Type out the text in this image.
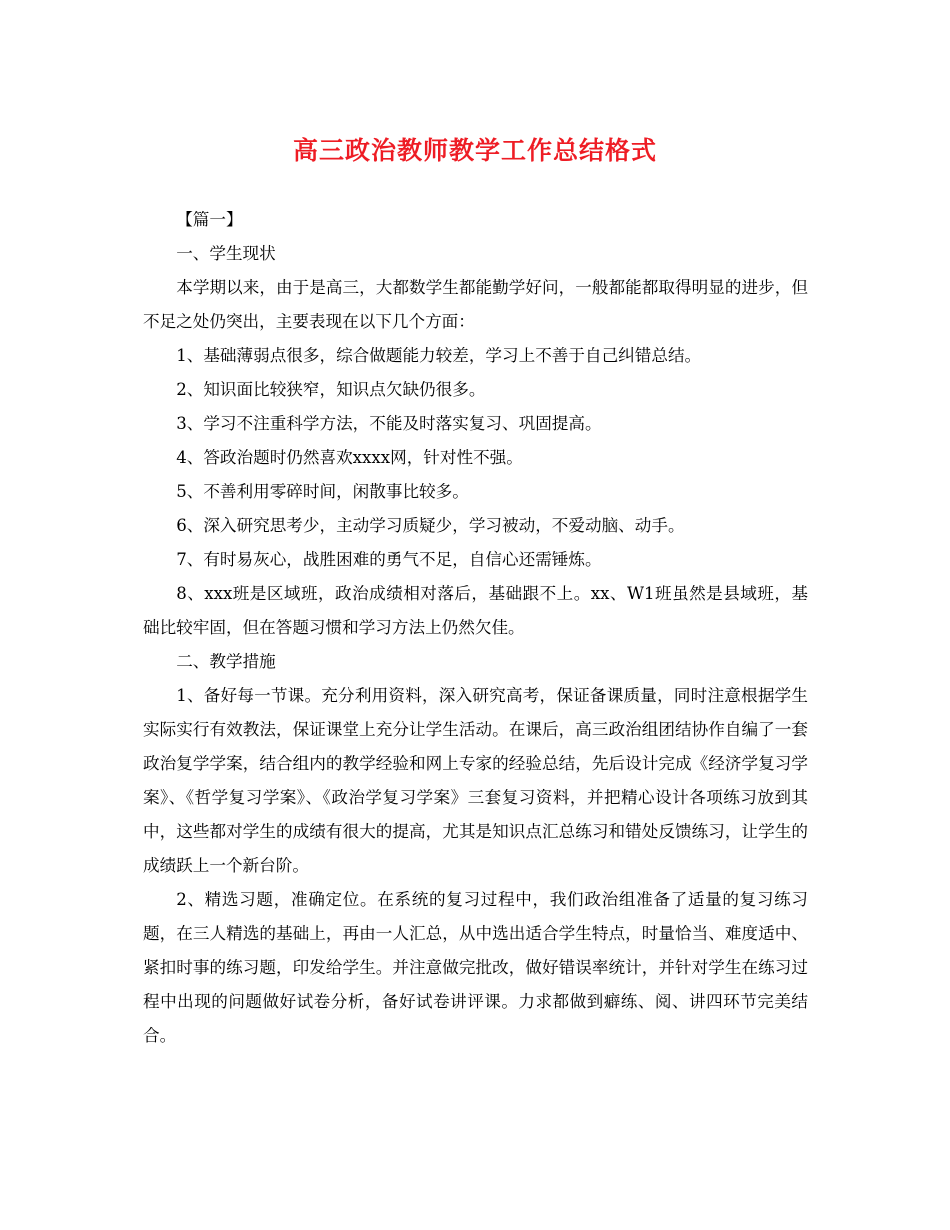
高三政治教师教学工作总结格式

【篇一】

一、学生现状

本学期以来，由于是高三，大都数学生都能勤学好问，一般都能都取得明显的进步，但不足之处仍突出，主要表现在以下几个方面：

1、基础薄弱点很多，综合做题能力较差，学习上不善于自己纠错总结。

2、知识面比较狭窄，知识点欠缺仍很多。

3、学习不注重科学方法，不能及时落实复习、巩固提高。

4、答政治题时仍然喜欢xxxx网，针对性不强。

5、不善利用零碎时间，闲散事比较多。

6、深入研究思考少，主动学习质疑少，学习被动，不爱动脑、动手。

7、有时易灰心，战胜困难的勇气不足，自信心还需锤炼。

8、xxx班是区域班，政治成绩相对落后，基础跟不上。xx、W1班虽然是县域班，基础比较牢固，但在答题习惯和学习方法上仍然欠佳。

二、教学措施

1、备好每一节课。充分利用资料，深入研究高考，保证备课质量，同时注意根据学生实际实行有效教法，保证课堂上充分让学生活动。在课后，高三政治组团结协作自编了一套政治复学学案，结合组内的教学经验和网上专家的经验总结，先后设计完成《经济学复习学案》、《哲学复习学案》、《政治学复习学案》三套复习资料，并把精心设计各项练习放到其中，这些都对学生的成绩有很大的提高，尤其是知识点汇总练习和错处反馈练习，让学生的成绩跃上一个新台阶。

2、精选习题，准确定位。在系统的复习过程中，我们政治组准备了适量的复习练习题，在三人精选的基础上，再由一人汇总，从中选出适合学生特点，时量恰当、难度适中、紧扣时事的练习题，印发给学生。并注意做完批改，做好错误率统计，并针对学生在练习过程中出现的问题做好试卷分析，备好试卷讲评课。力求都做到癖练、阅、讲四环节完美结合。
